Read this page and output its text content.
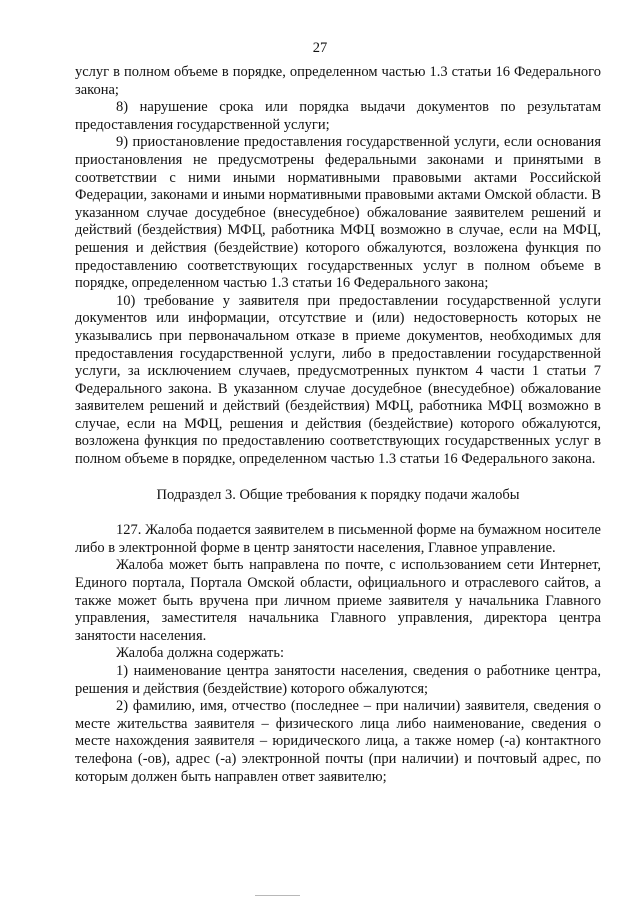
27

услуг в полном объеме в порядке, определенном частью 1.3 статьи 16 Федерального закона;

8) нарушение срока или порядка выдачи документов по результатам предоставления государственной услуги;

9) приостановление предоставления государственной услуги, если основания приостановления не предусмотрены федеральными законами и принятыми в соответствии с ними иными нормативными правовыми актами Российской Федерации, законами и иными нормативными правовыми актами Омской области. В указанном случае досудебное (внесудебное) обжалование заявителем решений и действий (бездействия) МФЦ, работника МФЦ возможно в случае, если на МФЦ, решения и действия (бездействие) которого обжалуются, возложена функция по предоставлению соответствующих государственных услуг в полном объеме в порядке, определенном частью 1.3 статьи 16 Федерального закона;

10) требование у заявителя при предоставлении государственной услуги документов или информации, отсутствие и (или) недостоверность которых не указывались при первоначальном отказе в приеме документов, необходимых для предоставления государственной услуги, либо в предоставлении государственной услуги, за исключением случаев, предусмотренных пунктом 4 части 1 статьи 7 Федерального закона. В указанном случае досудебное (внесудебное) обжалование заявителем решений и действий (бездействия) МФЦ, работника МФЦ возможно в случае, если на МФЦ, решения и действия (бездействие) которого обжалуются, возложена функция по предоставлению соответствующих государственных услуг в полном объеме в порядке, определенном частью 1.3 статьи 16 Федерального закона.

Подраздел 3. Общие требования к порядку подачи жалобы

127. Жалоба подается заявителем в письменной форме на бумажном носителе либо в электронной форме в центр занятости населения, Главное управление.

Жалоба может быть направлена по почте, с использованием сети Интернет, Единого портала, Портала Омской области, официального и отраслевого сайтов, а также может быть вручена при личном приеме заявителя у начальника Главного управления, заместителя начальника Главного управления, директора центра занятости населения.

Жалоба должна содержать:

1) наименование центра занятости населения, сведения о работнике центра, решения и действия (бездействие) которого обжалуются;

2) фамилию, имя, отчество (последнее – при наличии) заявителя, сведения о месте жительства заявителя – физического лица либо наименование, сведения о месте нахождения заявителя – юридического лица, а также номер (-а) контактного телефона (-ов), адрес (-а) электронной почты (при наличии) и почтовый адрес, по которым должен быть направлен ответ заявителю;
